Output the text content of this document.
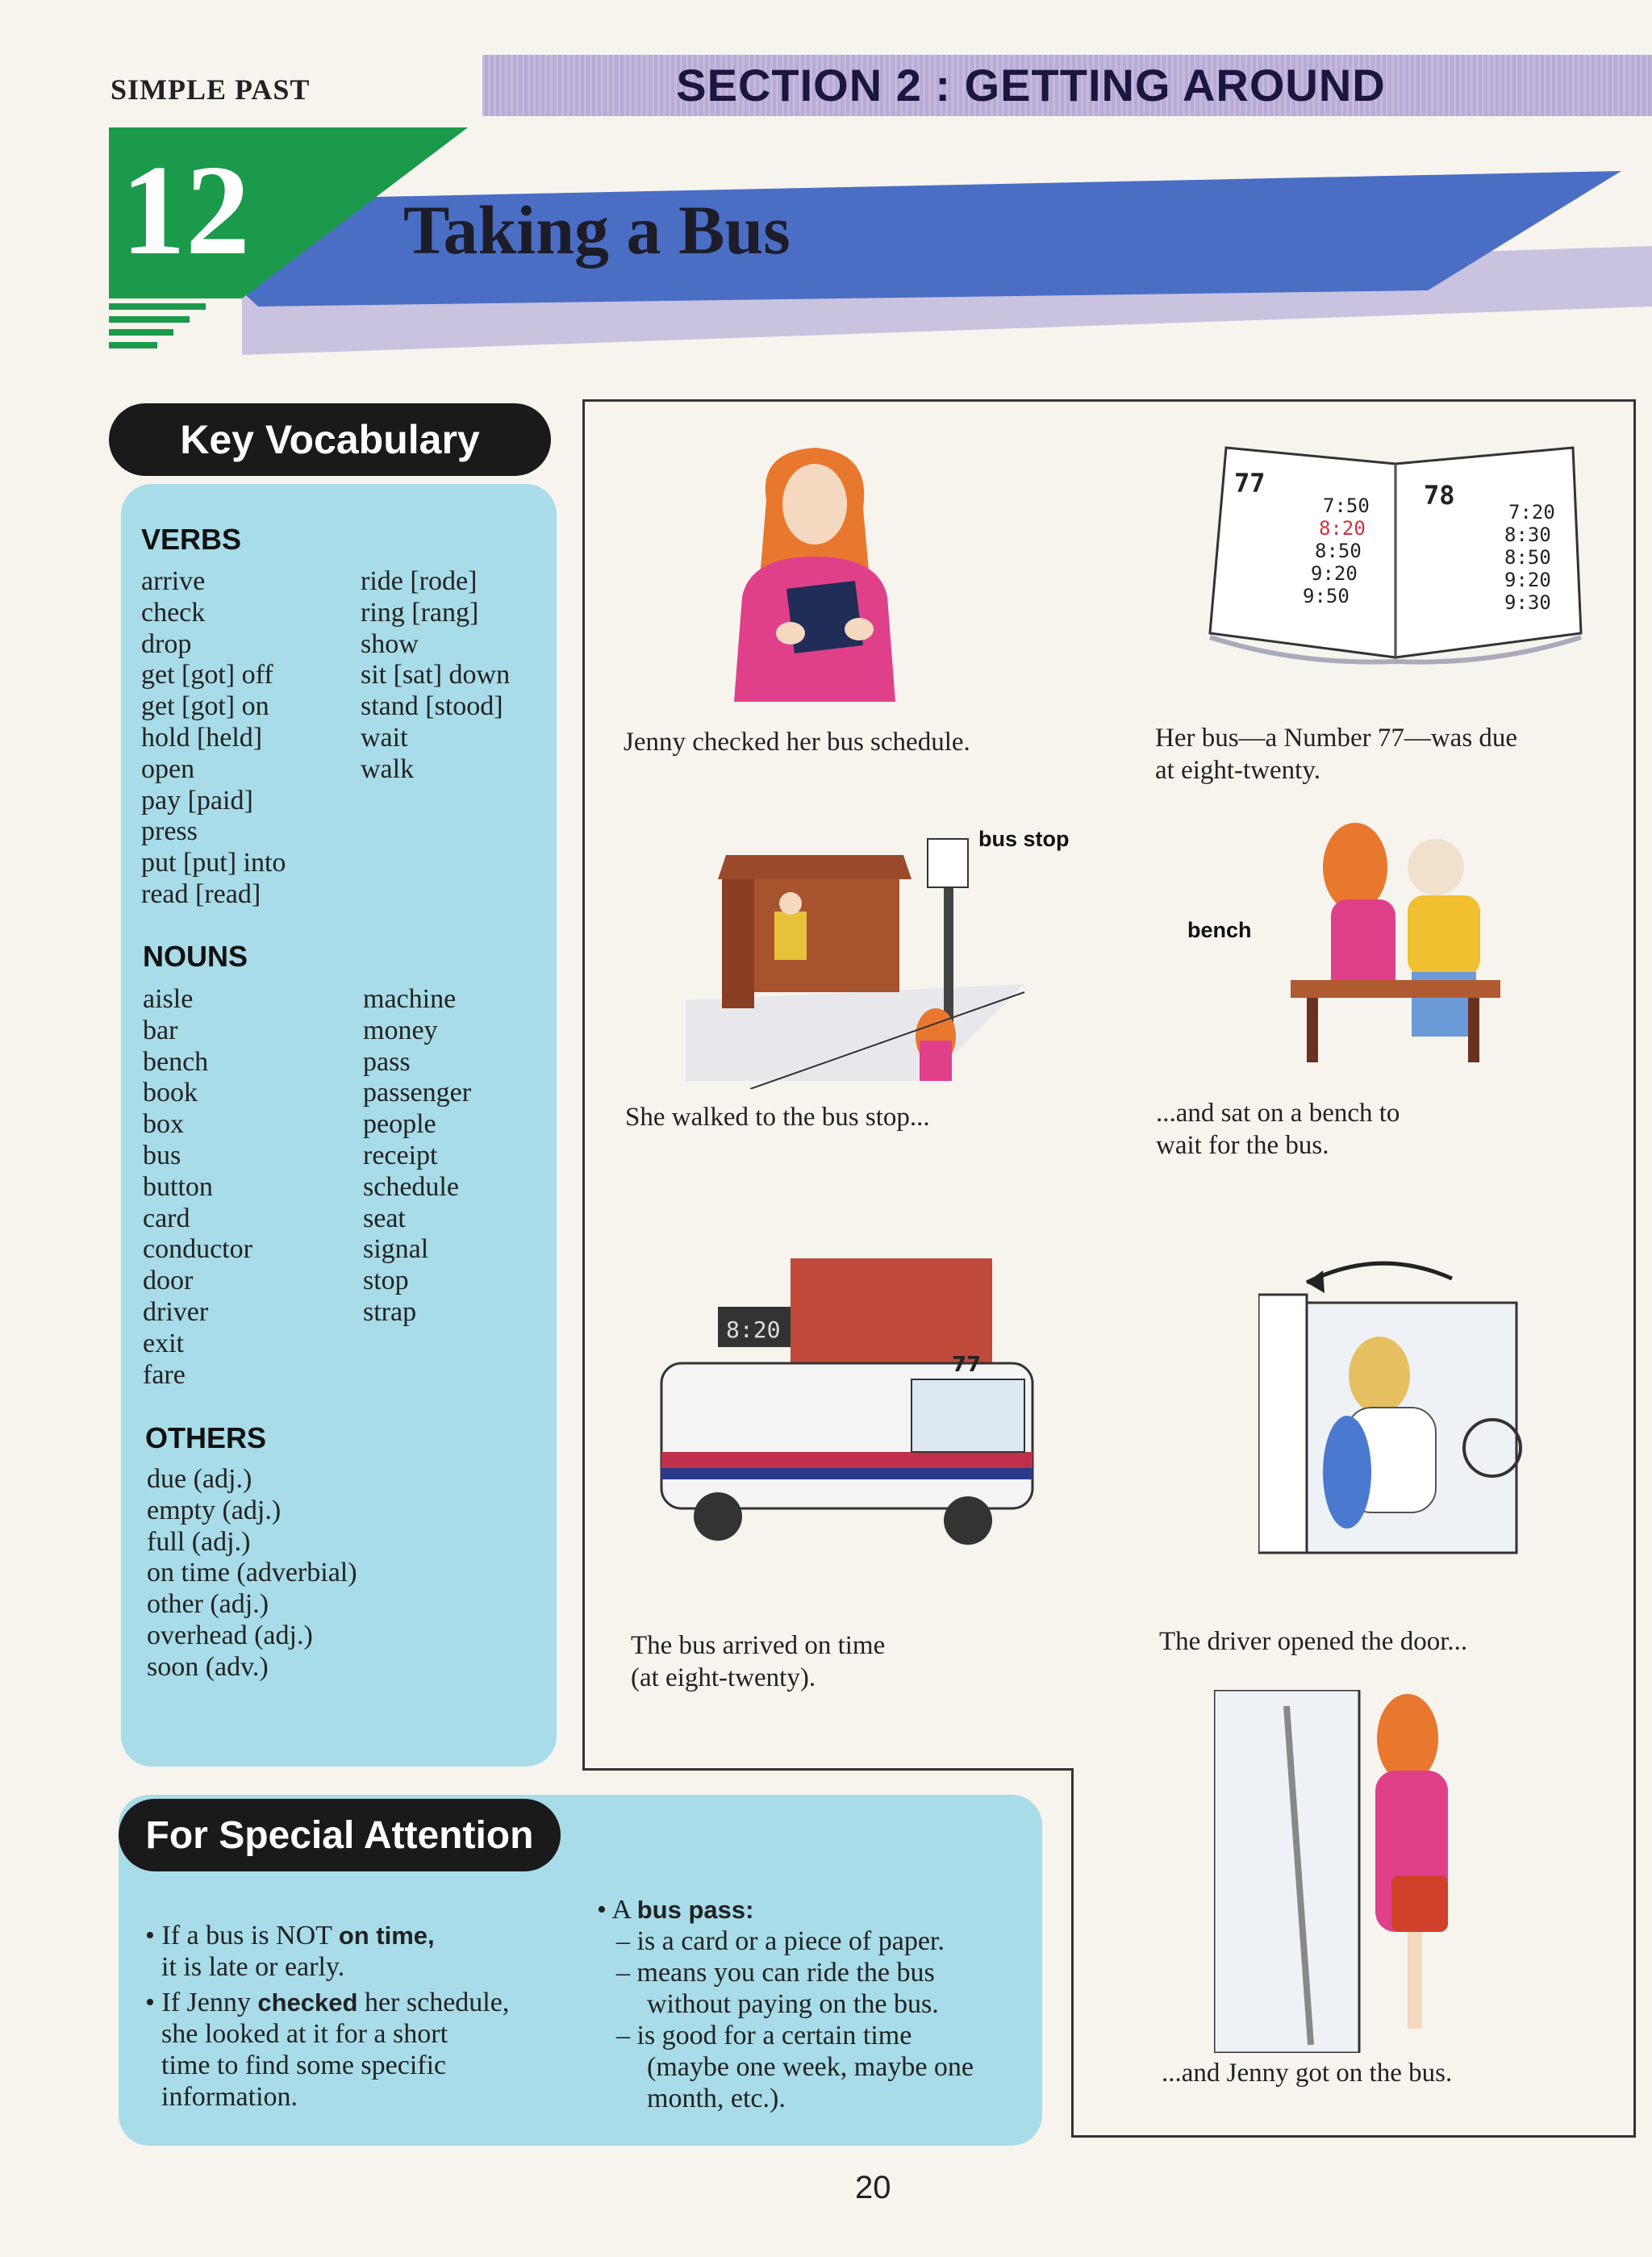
SIMPLE PAST	SECTION 2 : GETTING AROUND
12 Taking a Bus
Key Vocabulary
VERBS
arrive
check
drop
get [got] off
get [got] on
hold [held]
open
pay [paid]
press
put [put] into
read [read]
ride [rode]
ring [rang]
show
sit [sat] down
stand [stood]
wait
walk
NOUNS
aisle
bar
bench
book
box
bus
button
card
conductor
door
driver
exit
fare
machine
money
pass
passenger
people
receipt
schedule
seat
signal
stop
strap
OTHERS
due (adj.)
empty (adj.)
full (adj.)
on time (adverbial)
other (adj.)
overhead (adj.)
soon (adv.)
For Special Attention
• If a bus is NOT on time,
it is late or early.
• If Jenny checked her schedule,
she looked at it for a short
time to find some specific
information.
• A bus pass:
– is a card or a piece of paper.
– means you can ride the bus
without paying on the bus.
– is good for a certain time
(maybe one week, maybe one
month, etc.).
Jenny checked her bus schedule.
77	78
7:50
8:20
8:50
9:20
9:50
7:20
8:30
8:50
9:20
9:30
Her bus—a Number 77—was due
at eight-twenty.
bus stop
She walked to the bus stop...
bench
...and sat on a bench to
wait for the bus.
8:20
77
The bus arrived on time
(at eight-twenty).
The driver opened the door...
...and Jenny got on the bus.
20
